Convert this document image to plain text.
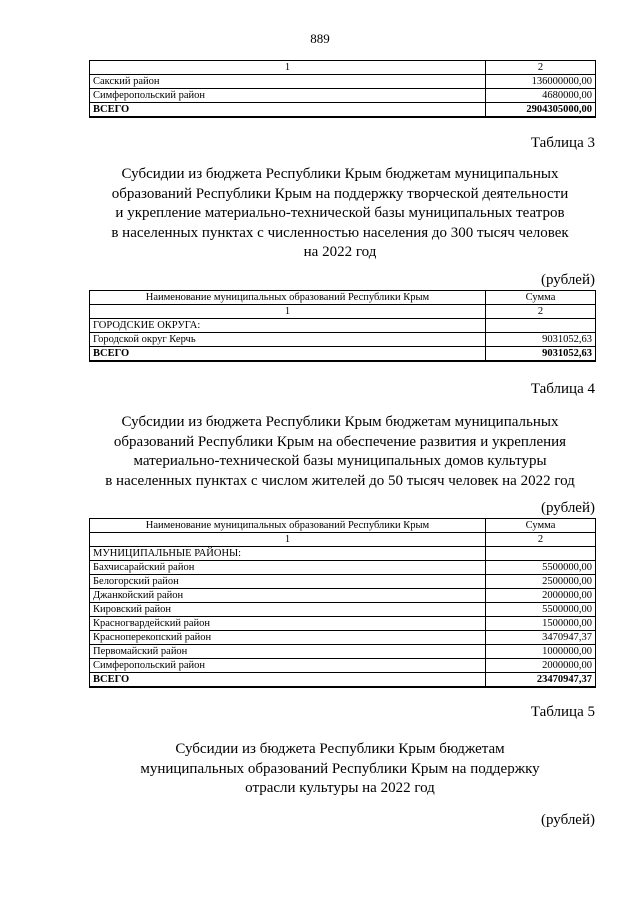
889
1	2
Сакский район	136000000,00
Симферопольский район	4680000,00
ВСЕГО	2904305000,00
Таблица 3
Субсидии из бюджета Республики Крым бюджетам муниципальных
образований Республики Крым на поддержку творческой деятельности
и укрепление материально-технической базы муниципальных театров
в населенных пунктах с численностью населения до 300 тысяч человек
на 2022 год
(рублей)
Наименование муниципальных образований Республики Крым	Сумма
1	2
ГОРОДСКИЕ ОКРУГА:	
Городской округ Керчь	9031052,63
ВСЕГО	9031052,63
Таблица 4
Субсидии из бюджета Республики Крым бюджетам муниципальных
образований Республики Крым на обеспечение развития и укрепления
материально-технической базы муниципальных домов культуры
в населенных пунктах с числом жителей до 50 тысяч человек на 2022 год
(рублей)
Наименование муниципальных образований Республики Крым	Сумма
1	2
МУНИЦИПАЛЬНЫЕ РАЙОНЫ:	
Бахчисарайский район	5500000,00
Белогорский район	2500000,00
Джанкойский район	2000000,00
Кировский район	5500000,00
Красногвардейский район	1500000,00
Красноперекопский район	3470947,37
Первомайский район	1000000,00
Симферопольский район	2000000,00
ВСЕГО	23470947,37
Таблица 5
Субсидии из бюджета Республики Крым бюджетам
муниципальных образований Республики Крым на поддержку
отрасли культуры на 2022 год
(рублей)
